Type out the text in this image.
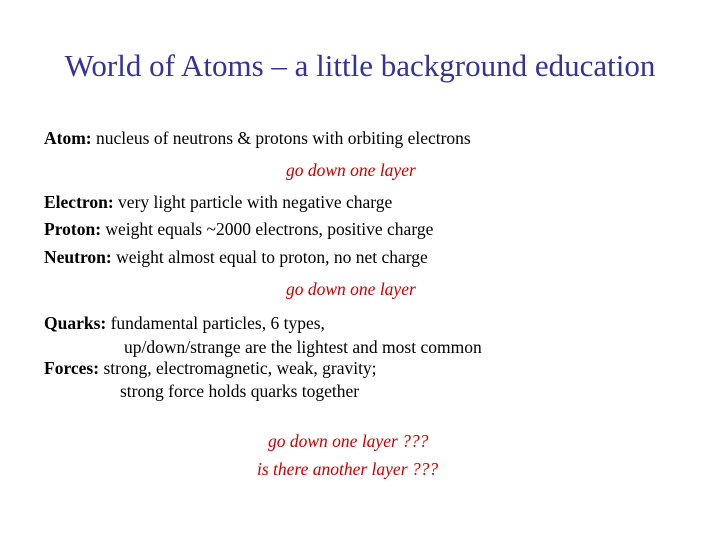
World of Atoms – a little background education
Atom: nucleus of neutrons & protons with orbiting electrons
go down one layer
Electron: very light particle with negative charge
Proton: weight equals ~2000 electrons, positive charge
Neutron: weight almost equal to proton, no net charge
go down one layer
Quarks: fundamental particles, 6 types,
up/down/strange are the lightest and most common
Forces: strong, electromagnetic, weak, gravity;
strong force holds quarks together
go down one layer ???
is there another layer ???
